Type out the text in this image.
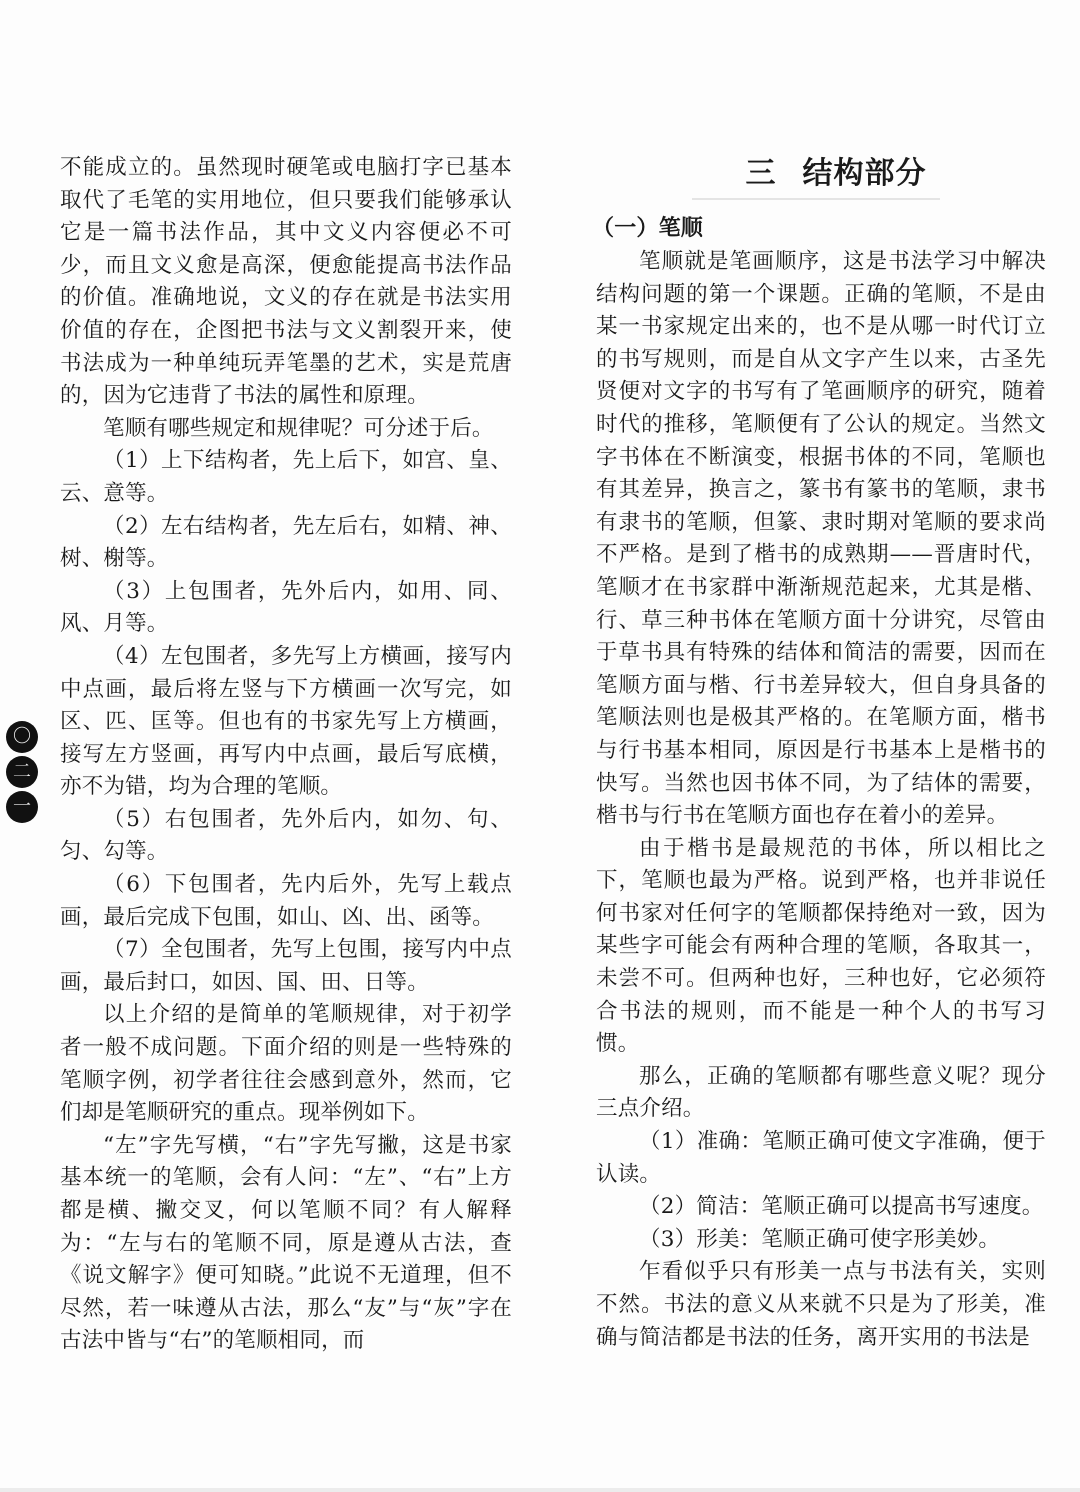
〇
二
一

不能成立的。虽然现时硬笔或电脑打字已基本取代了毛笔的实用地位，但只要我们能够承认它是一篇书法作品，其中文义内容便必不可少，而且文义愈是高深，便愈能提高书法作品的价值。准确地说，文义的存在就是书法实用价值的存在，企图把书法与文义割裂开来，使书法成为一种单纯玩弄笔墨的艺术，实是荒唐的，因为它违背了书法的属性和原理。

笔顺有哪些规定和规律呢？可分述于后。

（1）上下结构者，先上后下，如宫、皇、云、意等。

（2）左右结构者，先左后右，如精、神、树、榭等。

（3）上包围者，先外后内，如用、同、风、月等。

（4）左包围者，多先写上方横画，接写内中点画，最后将左竖与下方横画一次写完，如区、匹、匡等。但也有的书家先写上方横画，接写左方竖画，再写内中点画，最后写底横，亦不为错，均为合理的笔顺。

（5）右包围者，先外后内，如勿、句、匀、勾等。

（6）下包围者，先内后外，先写上载点画，最后完成下包围，如山、凶、出、函等。

（7）全包围者，先写上包围，接写内中点画，最后封口，如因、国、田、日等。

以上介绍的是简单的笔顺规律，对于初学者一般不成问题。下面介绍的则是一些特殊的笔顺字例，初学者往往会感到意外，然而，它们却是笔顺研究的重点。现举例如下。

“左”字先写横，“右”字先写撇，这是书家基本统一的笔顺，会有人问：“左”、“右”上方都是横、撇交叉，何以笔顺不同？有人解释为：“左与右的笔顺不同，原是遵从古法，查《说文解字》便可知晓。”此说不无道理，但不尽然，若一味遵从古法，那么“友”与“灰”字在古法中皆与“右”的笔顺相同，而

三 结构部分
（一）笔顺

笔顺就是笔画顺序，这是书法学习中解决结构问题的第一个课题。正确的笔顺，不是由某一书家规定出来的，也不是从哪一时代订立的书写规则，而是自从文字产生以来，古圣先贤便对文字的书写有了笔画顺序的研究，随着时代的推移，笔顺便有了公认的规定。当然文字书体在不断演变，根据书体的不同，笔顺也有其差异，换言之，篆书有篆书的笔顺，隶书有隶书的笔顺，但篆、隶时期对笔顺的要求尚不严格。是到了楷书的成熟期——晋唐时代，笔顺才在书家群中渐渐规范起来，尤其是楷、行、草三种书体在笔顺方面十分讲究，尽管由于草书具有特殊的结体和简洁的需要，因而在笔顺方面与楷、行书差异较大，但自身具备的笔顺法则也是极其严格的。在笔顺方面，楷书与行书基本相同，原因是行书基本上是楷书的快写。当然也因书体不同，为了结体的需要，楷书与行书在笔顺方面也存在着小的差异。

由于楷书是最规范的书体，所以相比之下，笔顺也最为严格。说到严格，也并非说任何书家对任何字的笔顺都保持绝对一致，因为某些字可能会有两种合理的笔顺，各取其一，未尝不可。但两种也好，三种也好，它必须符合书法的规则，而不能是一种个人的书写习惯。

那么，正确的笔顺都有哪些意义呢？现分三点介绍。

（1）准确：笔顺正确可使文字准确，便于认读。

（2）简洁：笔顺正确可以提高书写速度。

（3）形美：笔顺正确可使字形美妙。

乍看似乎只有形美一点与书法有关，实则不然。书法的意义从来就不只是为了形美，准确与简洁都是书法的任务，离开实用的书法是
